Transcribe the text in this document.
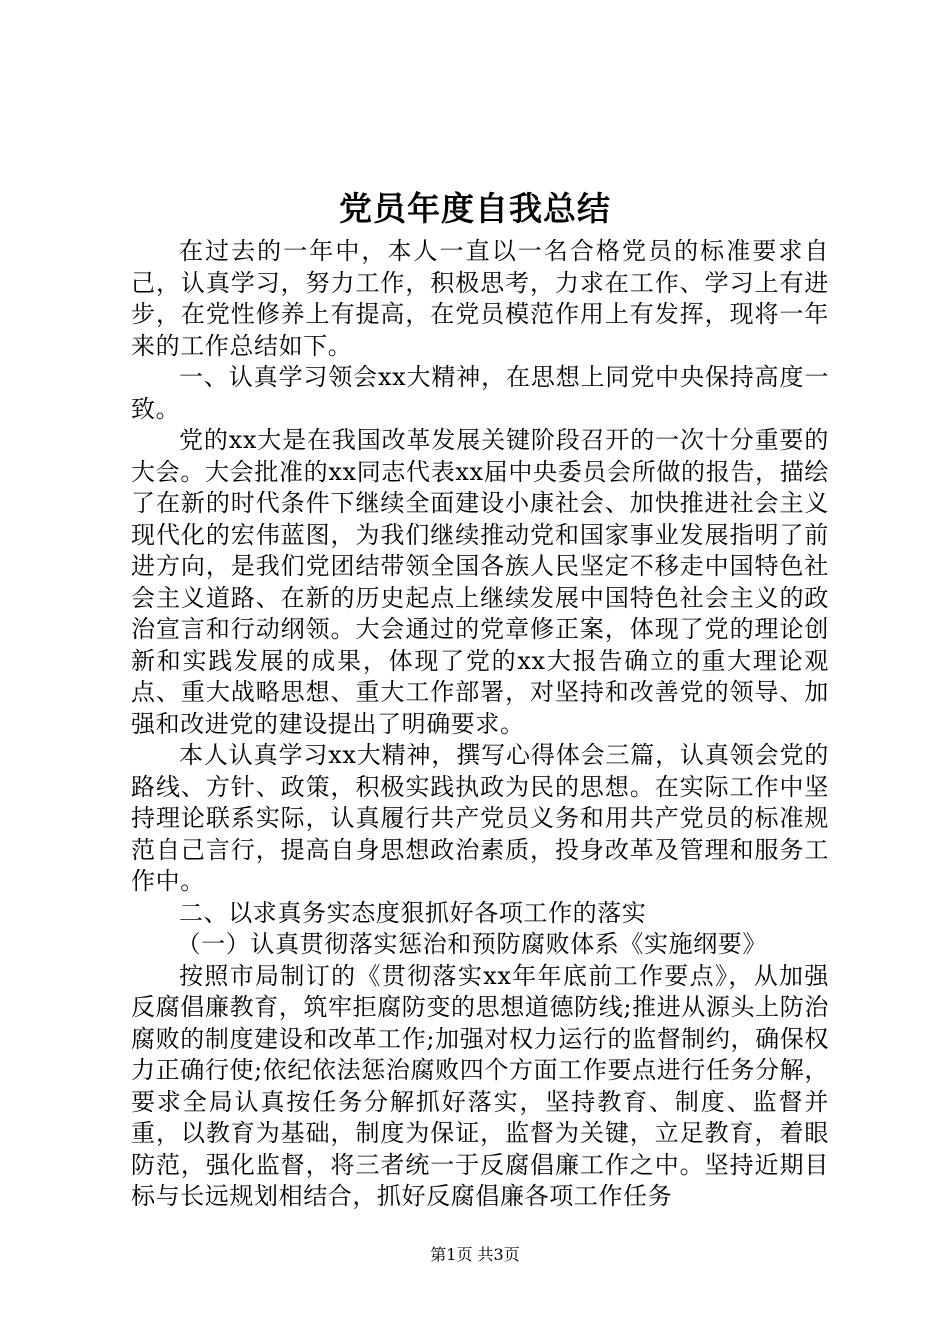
党员年度自我总结

在过去的一年中，本人一直以一名合格党员的标准要求自己，认真学习，努力工作，积极思考，力求在工作、学习上有进步，在党性修养上有提高，在党员模范作用上有发挥，现将一年来的工作总结如下。

一、认真学习领会xx大精神，在思想上同党中央保持高度一致。

党的xx大是在我国改革发展关键阶段召开的一次十分重要的大会。大会批准的xx同志代表xx届中央委员会所做的报告，描绘了在新的时代条件下继续全面建设小康社会、加快推进社会主义现代化的宏伟蓝图，为我们继续推动党和国家事业发展指明了前进方向，是我们党团结带领全国各族人民坚定不移走中国特色社会主义道路、在新的历史起点上继续发展中国特色社会主义的政治宣言和行动纲领。大会通过的党章修正案，体现了党的理论创新和实践发展的成果，体现了党的xx大报告确立的重大理论观点、重大战略思想、重大工作部署，对坚持和改善党的领导、加强和改进党的建设提出了明确要求。

本人认真学习xx大精神，撰写心得体会三篇，认真领会党的路线、方针、政策，积极实践执政为民的思想。在实际工作中坚持理论联系实际，认真履行共产党员义务和用共产党员的标准规范自己言行，提高自身思想政治素质，投身改革及管理和服务工作中。

二、以求真务实态度狠抓好各项工作的落实

（一）认真贯彻落实惩治和预防腐败体系《实施纲要》

按照市局制订的《贯彻落实xx年年底前工作要点》，从加强反腐倡廉教育，筑牢拒腐防变的思想道德防线;推进从源头上防治腐败的制度建设和改革工作;加强对权力运行的监督制约，确保权力正确行使;依纪依法惩治腐败四个方面工作要点进行任务分解，要求全局认真按任务分解抓好落实，坚持教育、制度、监督并重，以教育为基础，制度为保证，监督为关键，立足教育，着眼防范，强化监督，将三者统一于反腐倡廉工作之中。坚持近期目标与长远规划相结合，抓好反腐倡廉各项工作任务

第1页 共3页
